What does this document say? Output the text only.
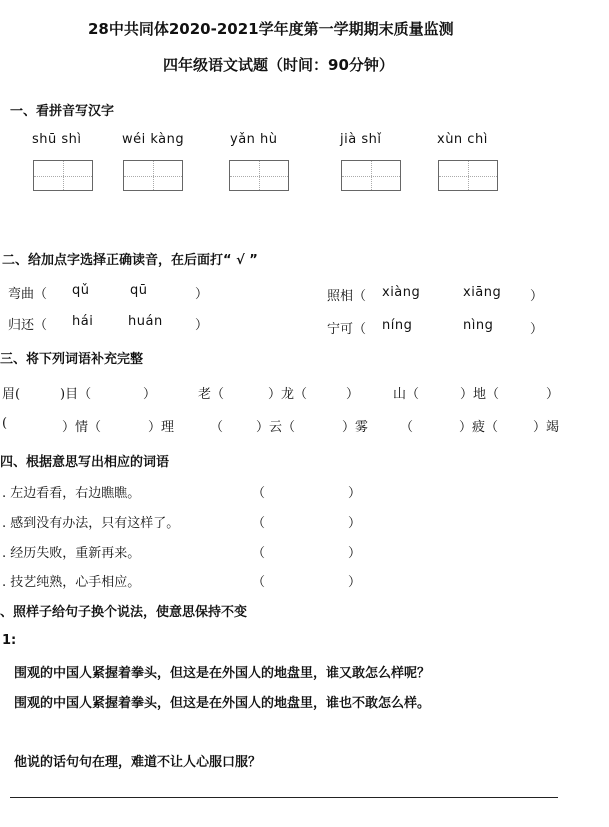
28中共同体2020-2021学年度第一学期期末质量监测
四年级语文试题（时间：90分钟）
一、看拼音写汉字
shū shì	wéi kàng	yǎn hù	jià shǐ	xùn chì
二、给加点字选择正确读音，在后面打“ √ ”
弯曲（ qǔ	qū	）	照相（ xiàng	xiāng ）
归还（ hái	huán ）	宁可（ níng	nìng	）
三、将下列词语补充完整
眉(	)目（	）	老（	）龙（	）	山（	）地（	）
(	）情（	）理	（	）云（	）雾 （	）疲（	）竭
四、根据意思写出相应的词语
. 左边看看，右边瞧瞧。	（	）
. 感到没有办法，只有这样了。	（	）
. 经历失败，重新再来。	（	）
. 技艺纯熟，心手相应。	（	）
、照样子给句子换个说法，使意思保持不变
1:
围观的中国人紧握着拳头，但这是在外国人的地盘里，谁又敢怎么样呢？
围观的中国人紧握着拳头，但这是在外国人的地盘里，谁也不敢怎么样。
他说的话句句在理，难道不让人心服口服？
